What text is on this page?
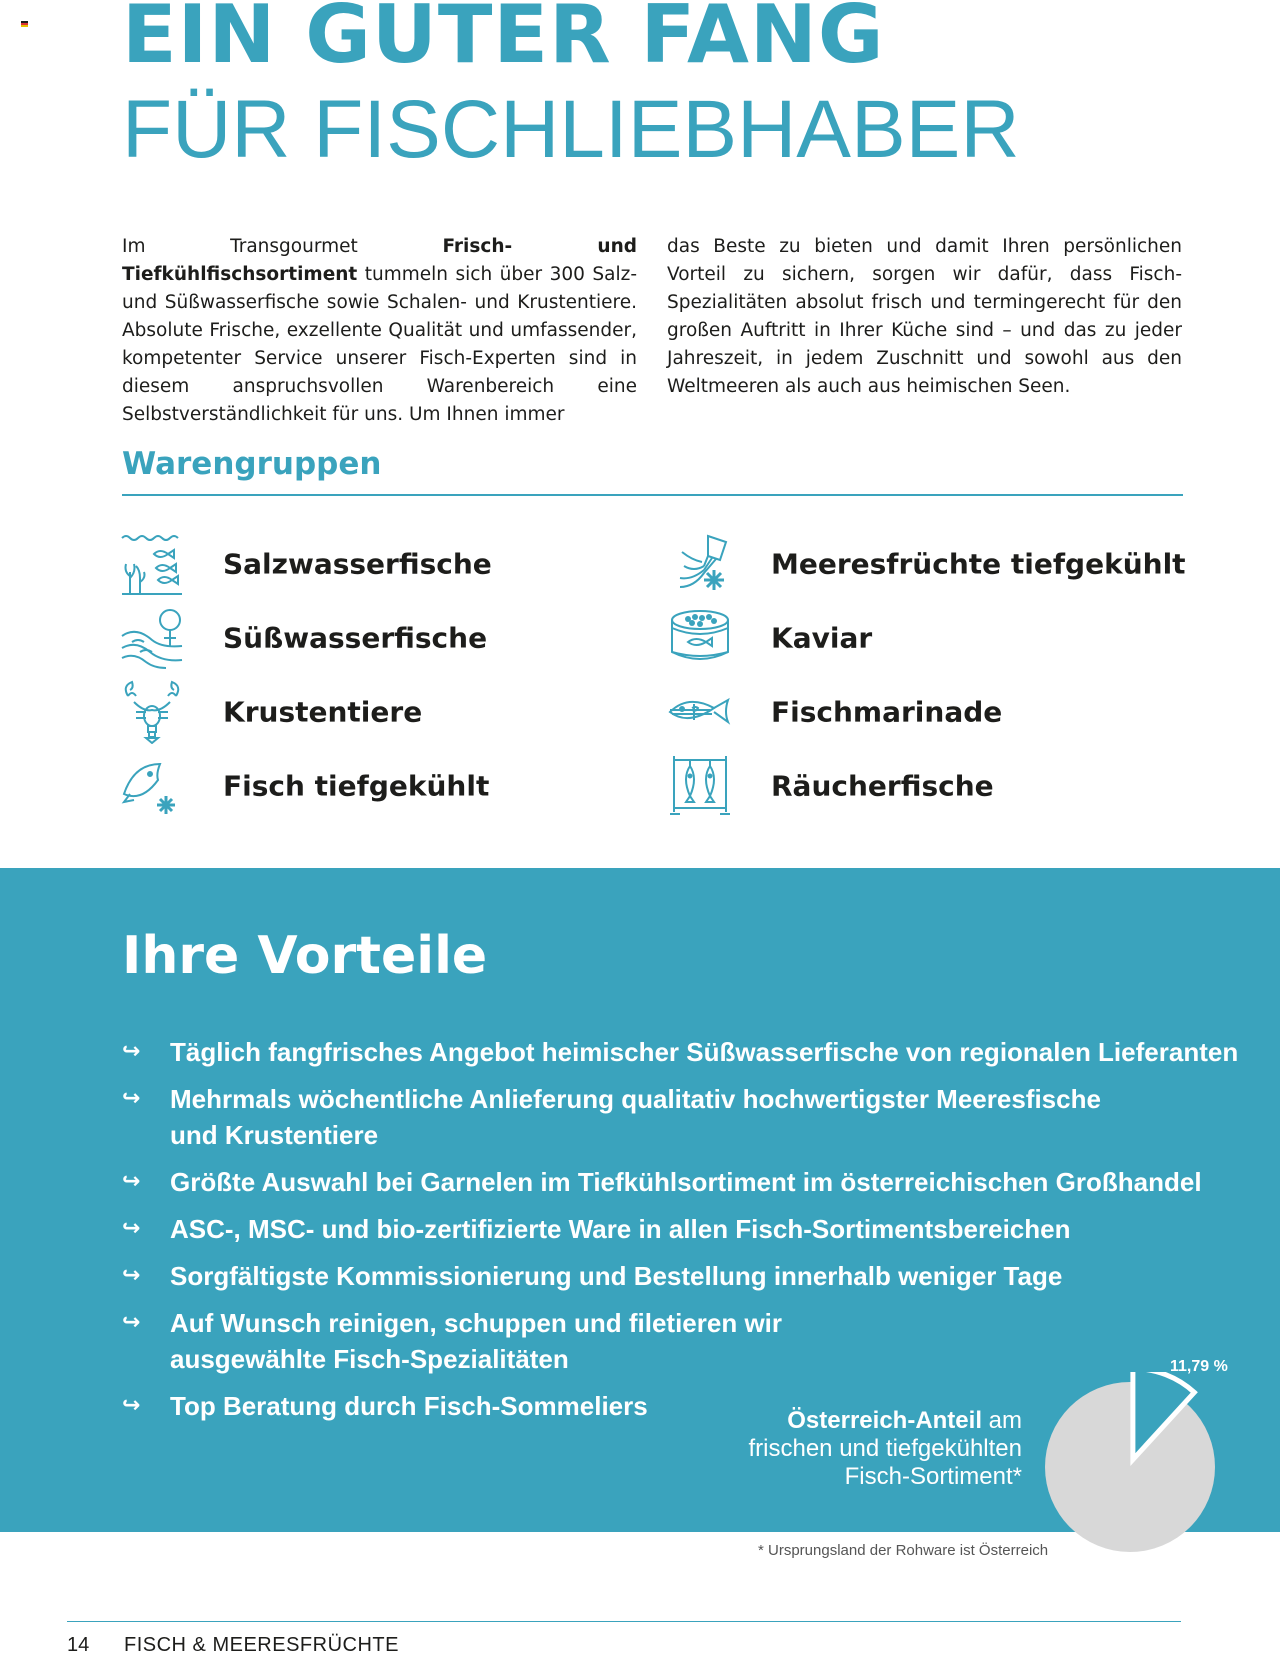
EIN GUTER FANG
FÜR FISCHLIEBHABER

Im Transgourmet Frisch- und Tiefkühlfischsortiment tummeln sich über 300 Salz- und Süßwasserfische sowie Schalen- und Krustentiere. Absolute Frische, exzellente Qualität und umfassender, kompetenter Service unserer Fisch-Experten sind in diesem anspruchsvollen Warenbereich eine Selbstverständlichkeit für uns. Um Ihnen immer

das Beste zu bieten und damit Ihren persönlichen Vorteil zu sichern, sorgen wir dafür, dass Fisch-Spezialitäten absolut frisch und termingerecht für den großen Auftritt in Ihrer Küche sind – und das zu jeder Jahreszeit, in jedem Zuschnitt und sowohl aus den Weltmeeren als auch aus heimischen Seen.

Warengruppen
Salzwasserfische
Süßwasserfische
Krustentiere
Fisch tiefgekühlt
Meeresfrüchte tiefgekühlt
Kaviar
Fischmarinade
Räucherfische
Ihre Vorteile
↪ Täglich fangfrisches Angebot heimischer Süßwasserfische von regionalen Lieferanten
↪ Mehrmals wöchentliche Anlieferung qualitativ hochwertigster Meeresfische
und Krustentiere
↪ Größte Auswahl bei Garnelen im Tiefkühlsortiment im österreichischen Großhandel
↪ ASC-, MSC- und bio-zertifizierte Ware in allen Fisch-Sortimentsbereichen
↪ Sorgfältigste Kommissionierung und Bestellung innerhalb weniger Tage
↪ Auf Wunsch reinigen, schuppen und filetieren wir
ausgewählte Fisch-Spezialitäten
↪ Top Beratung durch Fisch-Sommeliers	Österreich-Anteil am
frischen und tiefgekühlten
Fisch-Sortiment*
11,79 %
* Ursprungsland der Rohware ist Österreich
14 FISCH & MEERESFRÜCHTE
